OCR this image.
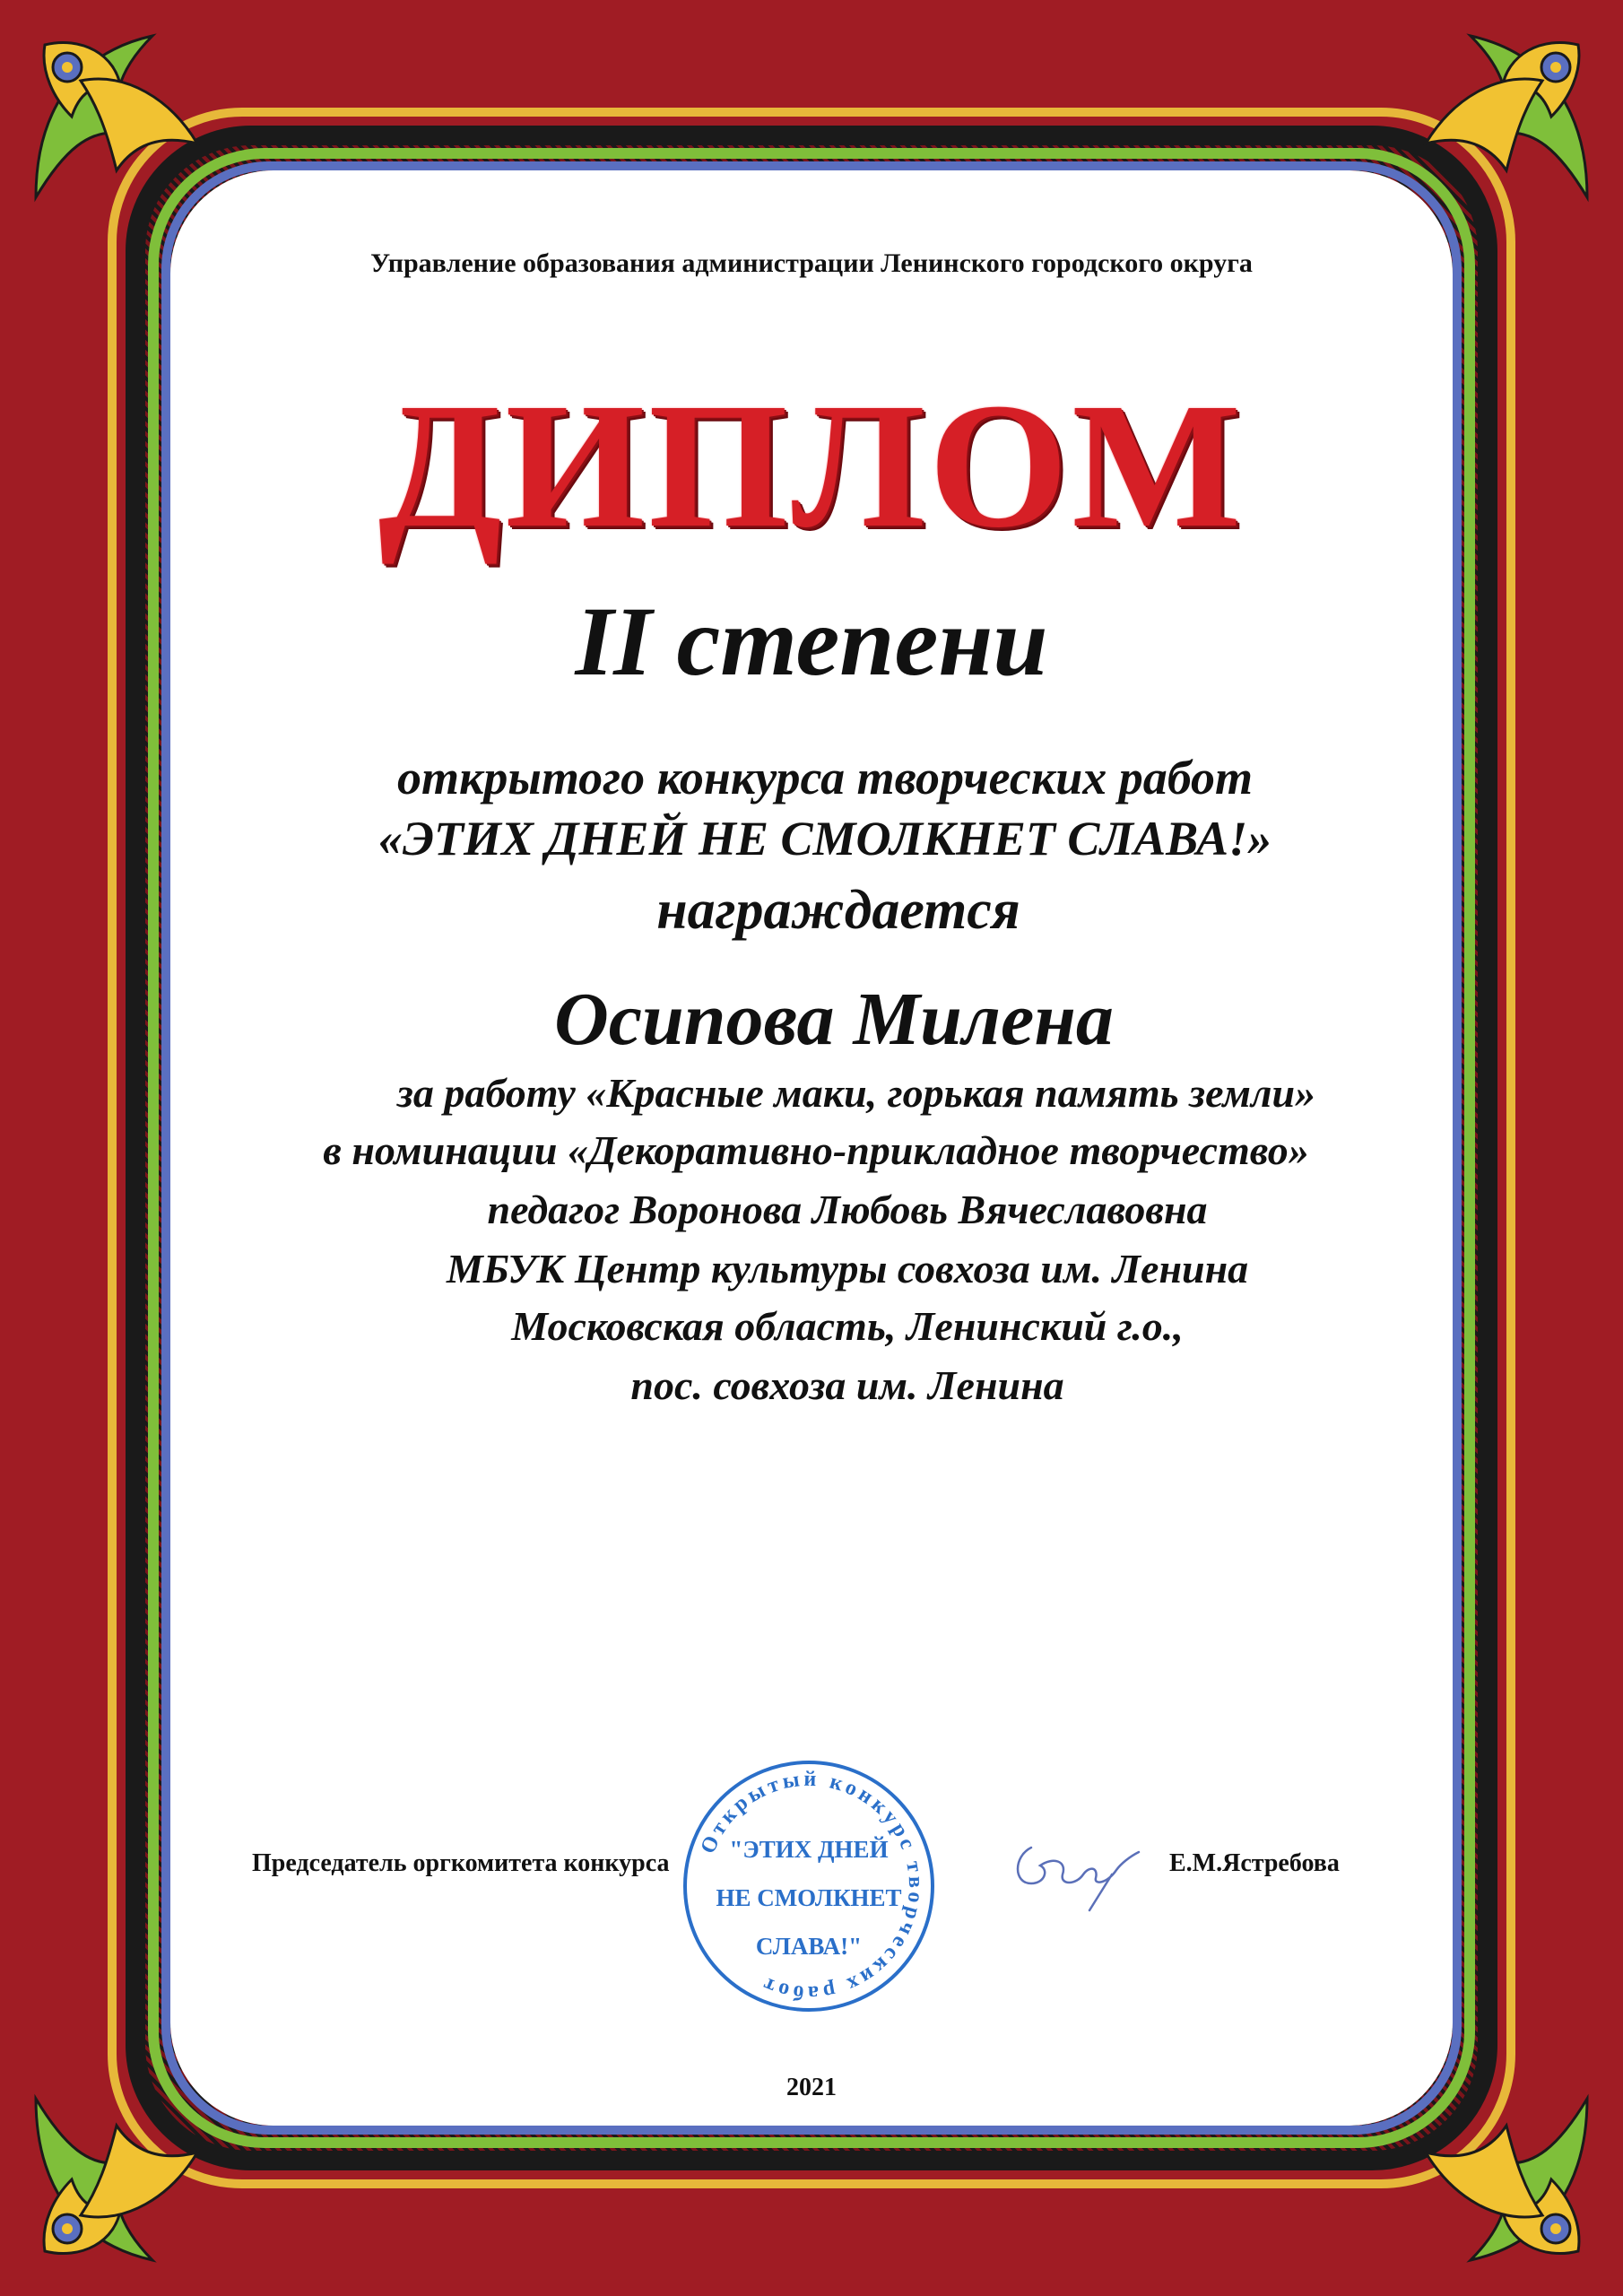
Управление образования администрации Ленинского городского округа
ДИПЛОМ
II степени
открытого конкурса творческих работ
«ЭТИХ ДНЕЙ НЕ СМОЛКНЕТ СЛАВА!»
награждается
Осипова Милена
за работу «Красные маки, горькая память земли»
в номинации «Декоративно-прикладное творчество»
педагог Воронова Любовь Вячеславовна
МБУК Центр культуры совхоза им. Ленина
Московская область, Ленинский г.о.,
пос. совхоза им. Ленина
Председатель оргкомитета конкурса	Е.М.Ястребова
2021
Открытый конкурс творческих работ
"ЭТИХ ДНЕЙ
НЕ СМОЛКНЕТ
СЛАВА!"
